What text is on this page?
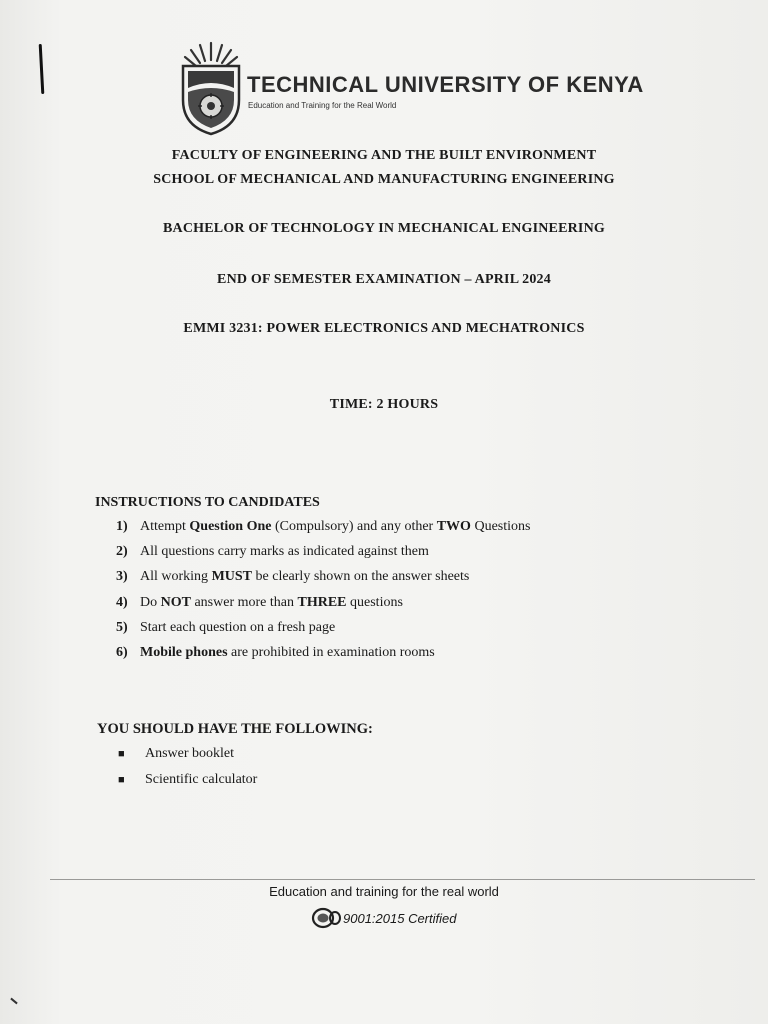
TECHNICAL UNIVERSITY OF KENYA
Education and Training for the Real World

FACULTY OF ENGINEERING AND THE BUILT ENVIRONMENT

SCHOOL OF MECHANICAL AND MANUFACTURING ENGINEERING

BACHELOR OF TECHNOLOGY IN MECHANICAL ENGINEERING

END OF SEMESTER EXAMINATION – APRIL 2024

EMMI 3231: POWER ELECTRONICS AND MECHATRONICS

TIME: 2 HOURS

INSTRUCTIONS TO CANDIDATES
1) Attempt Question One (Compulsory) and any other TWO Questions
2) All questions carry marks as indicated against them
3) All working MUST be clearly shown on the answer sheets
4) Do NOT answer more than THREE questions
5) Start each question on a fresh page
6) Mobile phones are prohibited in examination rooms
YOU SHOULD HAVE THE FOLLOWING:
■ Answer booklet
■ Scientific calculator
Education and training for the real world
9001:2015 Certified
